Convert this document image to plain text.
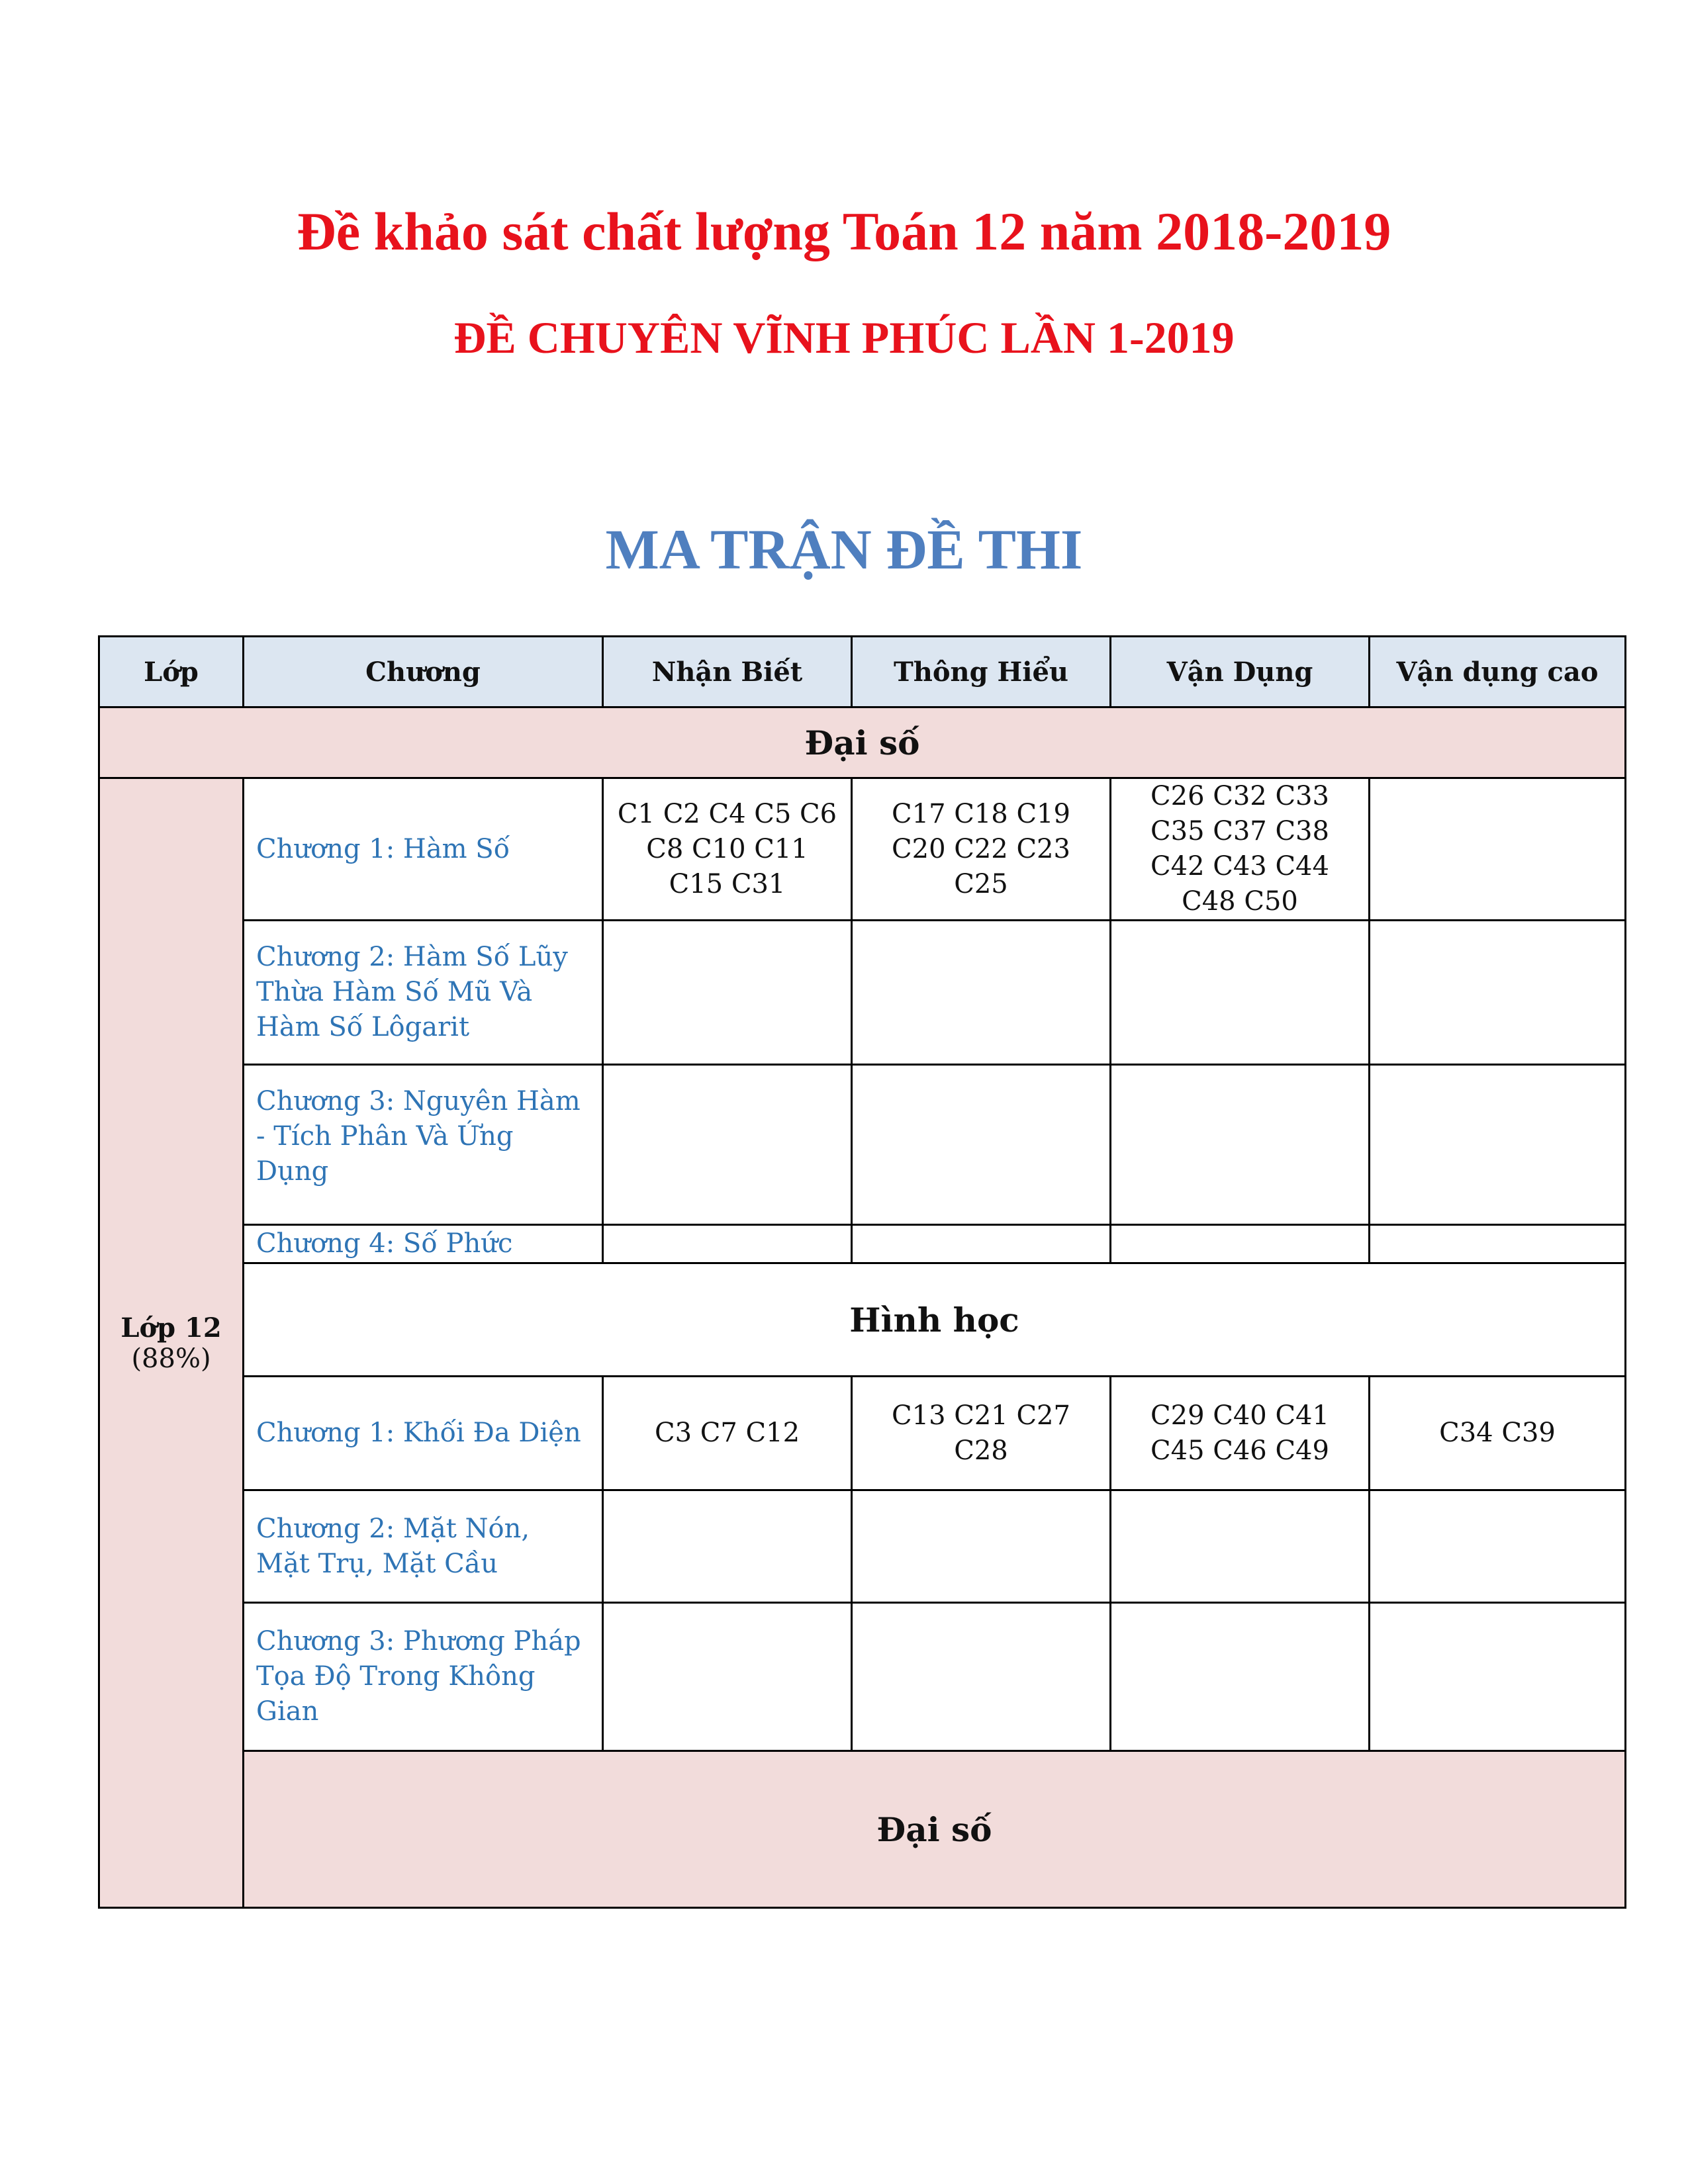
Đề khảo sát chất lượng Toán 12 năm 2018-2019
ĐỀ CHUYÊN VĨNH PHÚC LẦN 1-2019
MA TRẬN ĐỀ THI
Lớp	Chương	Nhận Biết	Thông Hiểu	Vận Dụng	Vận dụng cao
Đại số					

Lớp 12
(88%)	Chương 1: Hàm Số	C1 C2 C4 C5 C6 C8 C10 C11 C15 C31	C17 C18 C19 C20 C22 C23 C25	C26 C32 C33 C35 C37 C38 C42 C43 C44 C48 C50	
	Chương 2: Hàm Số Lũy Thừa Hàm Số Mũ Và Hàm Số Lôgarit				
	Chương 3: Nguyên Hàm - Tích Phân Và Ứng Dụng				
	Chương 4: Số Phức				
	Hình học				
	Chương 1: Khối Đa Diện	C3 C7 C12	C13 C21 C27 C28	C29 C40 C41 C45 C46 C49	C34 C39
	Chương 2: Mặt Nón, Mặt Trụ, Mặt Cầu				
	Chương 3: Phương Pháp Tọa Độ Trong Không Gian				
	Đại số				
